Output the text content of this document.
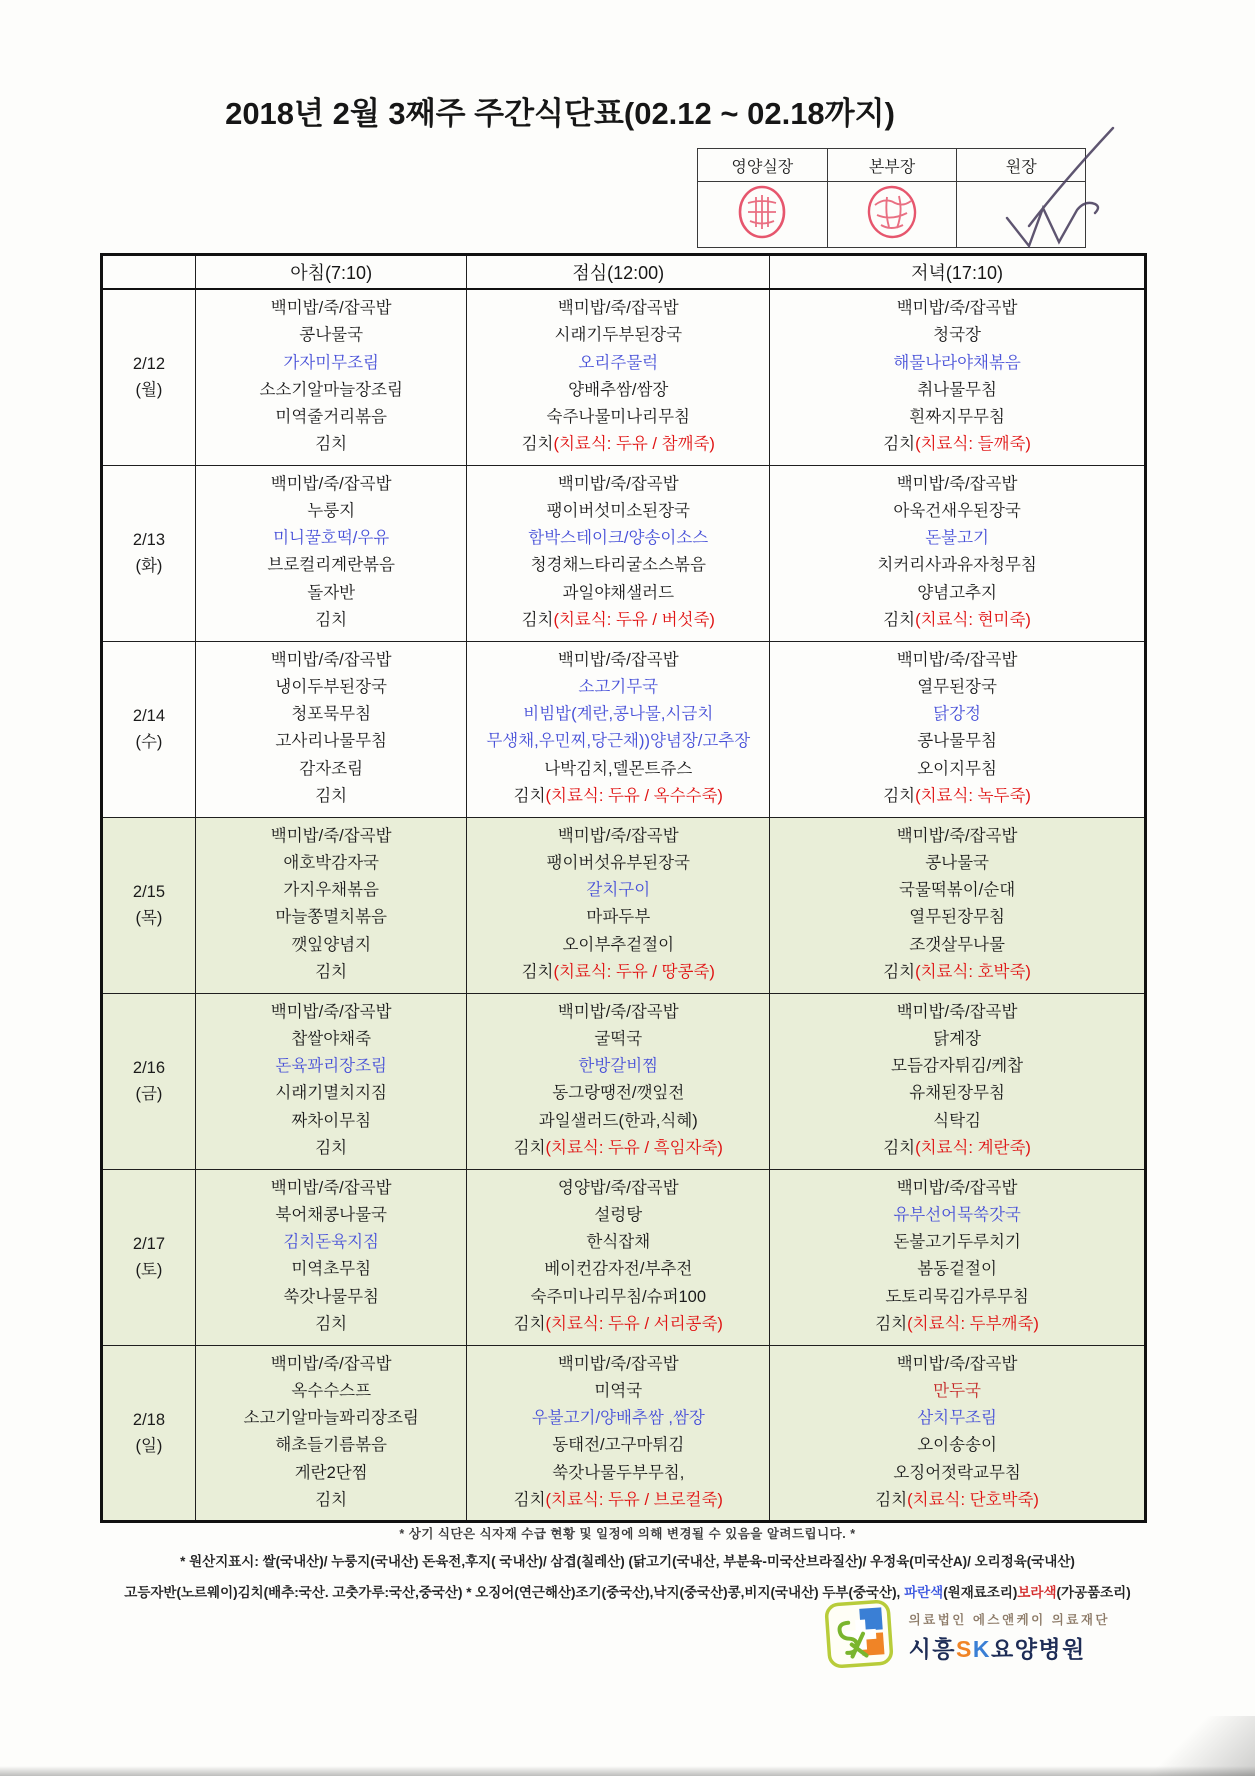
2018년 2월 3째주 주간식단표(02.12 ~ 02.18까지)
영양실장	본부장	원장

	아침(7:10)	점심(12:00)	저녁(17:10)

2/12
(월)

백미밥/죽/잡곡밥
콩나물국
가자미무조림
소소기알마늘장조림
미역줄거리볶음
김치

백미밥/죽/잡곡밥
시래기두부된장국
오리주물럭
양배추쌈/쌈장
숙주나물미나리무침
김치(치료식: 두유 / 참깨죽)

백미밥/죽/잡곡밥
청국장
해물나라야채볶음
취나물무침
흰짜지무무침
김치(치료식: 들깨죽)

2/13
(화)

백미밥/죽/잡곡밥
누룽지
미니꿀호떡/우유
브로컬리계란볶음
돌자반
김치

백미밥/죽/잡곡밥
팽이버섯미소된장국
함박스테이크/양송이소스
청경채느타리굴소스볶음
과일야채샐러드
김치(치료식: 두유 / 버섯죽)

백미밥/죽/잡곡밥
아욱건새우된장국
돈불고기
치커리사과유자청무침
양념고추지
김치(치료식: 현미죽)

2/14
(수)

백미밥/죽/잡곡밥
냉이두부된장국
청포묵무침
고사리나물무침
감자조림
김치

백미밥/죽/잡곡밥
소고기무국
비빔밥(계란,콩나물,시금치
무생채,우민찌,당근채))양념장/고추장
나박김치,델몬트쥬스
김치(치료식: 두유 / 옥수수죽)

백미밥/죽/잡곡밥
열무된장국
닭강정
콩나물무침
오이지무침
김치(치료식: 녹두죽)

2/15
(목)

백미밥/죽/잡곡밥
애호박감자국
가지우채볶음
마늘쫑멸치볶음
깻잎양념지
김치

백미밥/죽/잡곡밥
팽이버섯유부된장국
갈치구이
마파두부
오이부추겉절이
김치(치료식: 두유 / 땅콩죽)

백미밥/죽/잡곡밥
콩나물국
국물떡볶이/순대
열무된장무침
조갯살무나물
김치(치료식: 호박죽)

2/16
(금)

백미밥/죽/잡곡밥
찹쌀야채죽
돈육꽈리장조림
시래기멸치지짐
짜차이무침
김치

백미밥/죽/잡곡밥
굴떡국
한방갈비찜
동그랑땡전/깻잎전
과일샐러드(한과,식혜)
김치(치료식: 두유 / 흑임자죽)

백미밥/죽/잡곡밥
닭계장
모듬감자튀김/케찹
유채된장무침
식탁김
김치(치료식: 계란죽)

2/17
(토)

백미밥/죽/잡곡밥
북어채콩나물국
김치돈육지짐
미역초무침
쑥갓나물무침
김치

영양밥/죽/잡곡밥
설렁탕
한식잡채
베이컨감자전/부추전
숙주미나리무침/슈퍼100
김치(치료식: 두유 / 서리콩죽)

백미밥/죽/잡곡밥
유부선어묵쑥갓국
돈불고기두루치기
봄동겉절이
도토리묵김가루무침
김치(치료식: 두부깨죽)

2/18
(일)

백미밥/죽/잡곡밥
옥수수스프
소고기알마늘꽈리장조림
해초들기름볶음
게란2단찜
김치

백미밥/죽/잡곡밥
미역국
우불고기/양배추쌈 ,쌈장
동태전/고구마튀김
쑥갓나물두부무침,
김치(치료식: 두유 / 브로컬죽)

백미밥/죽/잡곡밥
만두국
삼치무조림
오이송송이
오징어젓락교무침
김치(치료식: 단호박죽)
* 상기 식단은 식자재 수급 현황 및 일정에 의해 변경될 수 있음을 알려드립니다. *
* 원산지표시: 쌀(국내산)/ 누룽지(국내산) 돈육전,후지( 국내산)/ 삼겹(칠레산) (닭고기(국내산, 부분육-미국산브라질산)/ 우정육(미국산A)/ 오리정육(국내산)
고등자반(노르웨이)김치(배추:국산. 고춧가루:국산,중국산) * 오징어(연근해산)조기(중국산),낙지(중국산)콩,비지(국내산) 두부(중국산), 파란색(원재료조리)보라색(가공품조리)
의료법인 에스앤케이 의료재단
시흥SK요양병원
